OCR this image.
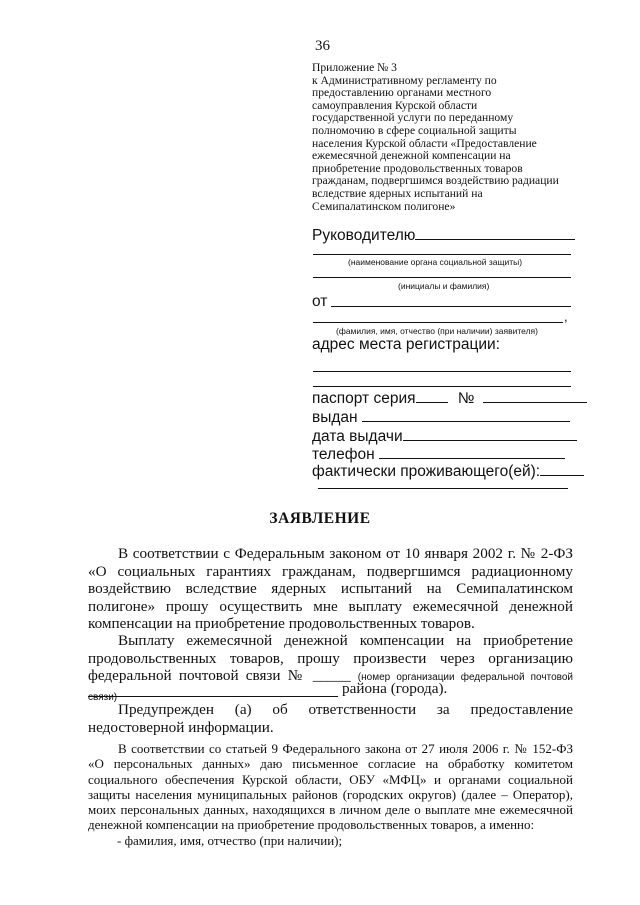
36
Приложение № 3
к Административному регламенту по
предоставлению органами местного
самоуправления Курской области
государственной услуги по переданному
полномочию в сфере социальной защиты
населения Курской области «Предоставление
ежемесячной денежной компенсации на
приобретение продовольственных товаров
гражданам, подвергшимся воздействию радиации
вследствие ядерных испытаний на
Семипалатинском полигоне»
Руководителю
(наименование органа социальной защиты)
(инициалы и фамилия)
от
,
(фамилия, имя, отчество (при наличии) заявителя)
адрес места регистрации:
паспорт серия	№
выдан
дата выдачи
телефон
фактически проживающего(ей):
ЗАЯВЛЕНИЕ
В соответствии с Федеральным законом от 10 января 2002 г. № 2-ФЗ «О социальных гарантиях гражданам, подвергшимся радиационному воздействию вследствие ядерных испытаний на Семипалатинском полигоне» прошу осуществить мне выплату ежемесячной денежной компенсации на приобретение продовольственных товаров.
Выплату ежемесячной денежной компенсации на приобретение продовольственных товаров, прошу произвести через организацию федеральной почтовой связи № _____ (номер организации федеральной почтовой связи)
района (города).
Предупрежден (а) об ответственности за предоставление недостоверной информации.
В соответствии со статьей 9 Федерального закона от 27 июля 2006 г. № 152-ФЗ «О персональных данных» даю письменное согласие на обработку комитетом социального обеспечения Курской области, ОБУ «МФЦ» и органами социальной защиты населения муниципальных районов (городских округов) (далее – Оператор), моих персональных данных, находящихся в личном деле о выплате мне ежемесячной денежной компенсации на приобретение продовольственных товаров, а именно:
- фамилия, имя, отчество (при наличии);
